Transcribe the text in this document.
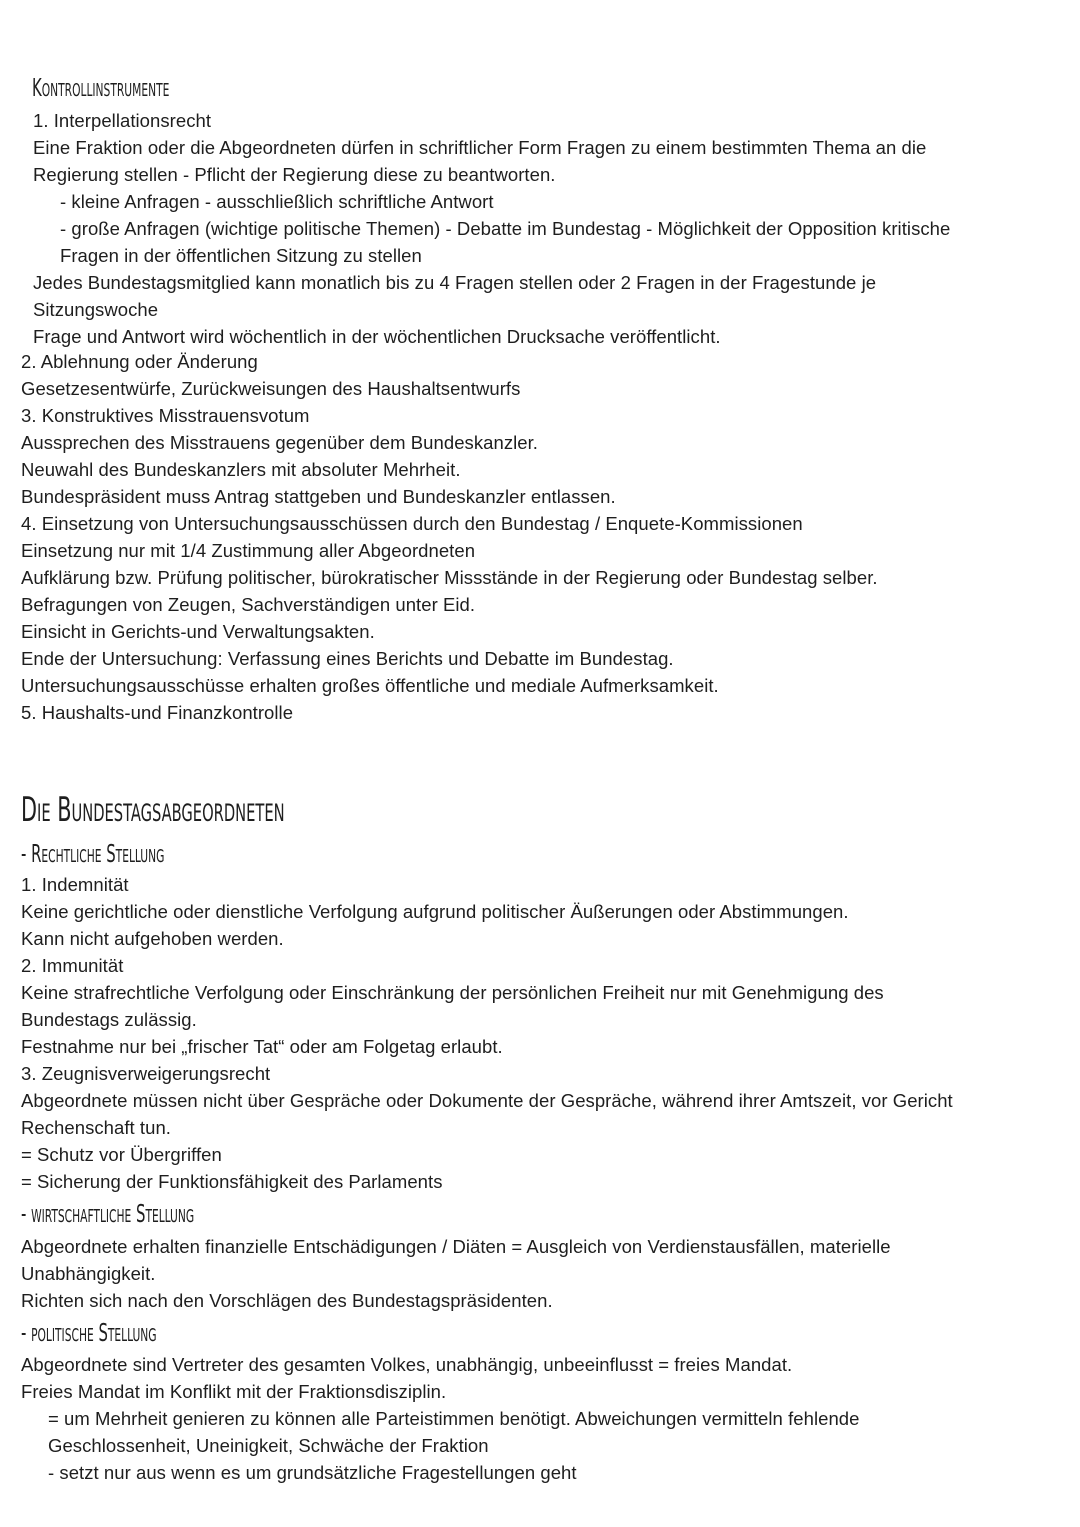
Kontrollinstrumente
1. Interpellationsrecht
Eine Fraktion oder die Abgeordneten dürfen in schriftlicher Form Fragen zu einem bestimmten Thema an die
Regierung stellen - Pflicht der Regierung diese zu beantworten.
- kleine Anfragen - ausschließlich schriftliche Antwort
- große Anfragen (wichtige politische Themen) - Debatte im Bundestag - Möglichkeit der Opposition kritische
Fragen in der öffentlichen Sitzung zu stellen
Jedes Bundestagsmitglied kann monatlich bis zu 4 Fragen stellen oder 2 Fragen in der Fragestunde je
Sitzungswoche
Frage und Antwort wird wöchentlich in der wöchentlichen Drucksache veröffentlicht.
2. Ablehnung oder Änderung
Gesetzesentwürfe, Zurückweisungen des Haushaltsentwurfs
3. Konstruktives Misstrauensvotum
Aussprechen des Misstrauens gegenüber dem Bundeskanzler.
Neuwahl des Bundeskanzlers mit absoluter Mehrheit.
Bundespräsident muss Antrag stattgeben und Bundeskanzler entlassen.
4. Einsetzung von Untersuchungsausschüssen durch den Bundestag / Enquete-Kommissionen
Einsetzung nur mit 1/4 Zustimmung aller Abgeordneten
Aufklärung bzw. Prüfung politischer, bürokratischer Missstände in der Regierung oder Bundestag selber.
Befragungen von Zeugen, Sachverständigen unter Eid.
Einsicht in Gerichts-und Verwaltungsakten.
Ende der Untersuchung: Verfassung eines Berichts und Debatte im Bundestag.
Untersuchungsausschüsse erhalten großes öffentliche und mediale Aufmerksamkeit.
5. Haushalts-und Finanzkontrolle
Die Bundestagsabgeordneten
- Rechtliche Stellung
1. Indemnität
Keine gerichtliche oder dienstliche Verfolgung aufgrund politischer Äußerungen oder Abstimmungen.
Kann nicht aufgehoben werden.
2. Immunität
Keine strafrechtliche Verfolgung oder Einschränkung der persönlichen Freiheit nur mit Genehmigung des
Bundestags zulässig.
Festnahme nur bei „frischer Tat“ oder am Folgetag erlaubt.
3. Zeugnisverweigerungsrecht
Abgeordnete müssen nicht über Gespräche oder Dokumente der Gespräche, während ihrer Amtszeit, vor Gericht
Rechenschaft tun.
= Schutz vor Übergriffen
= Sicherung der Funktionsfähigkeit des Parlaments
- wirtschaftliche Stellung
Abgeordnete erhalten finanzielle Entschädigungen / Diäten = Ausgleich von Verdienstausfällen, materielle
Unabhängigkeit.
Richten sich nach den Vorschlägen des Bundestagspräsidenten.
- politische Stellung
Abgeordnete sind Vertreter des gesamten Volkes, unabhängig, unbeeinflusst = freies Mandat.
Freies Mandat im Konflikt mit der Fraktionsdisziplin.
= um Mehrheit genieren zu können alle Parteistimmen benötigt. Abweichungen vermitteln fehlende
Geschlossenheit, Uneinigkeit, Schwäche der Fraktion
- setzt nur aus wenn es um grundsätzliche Fragestellungen geht
